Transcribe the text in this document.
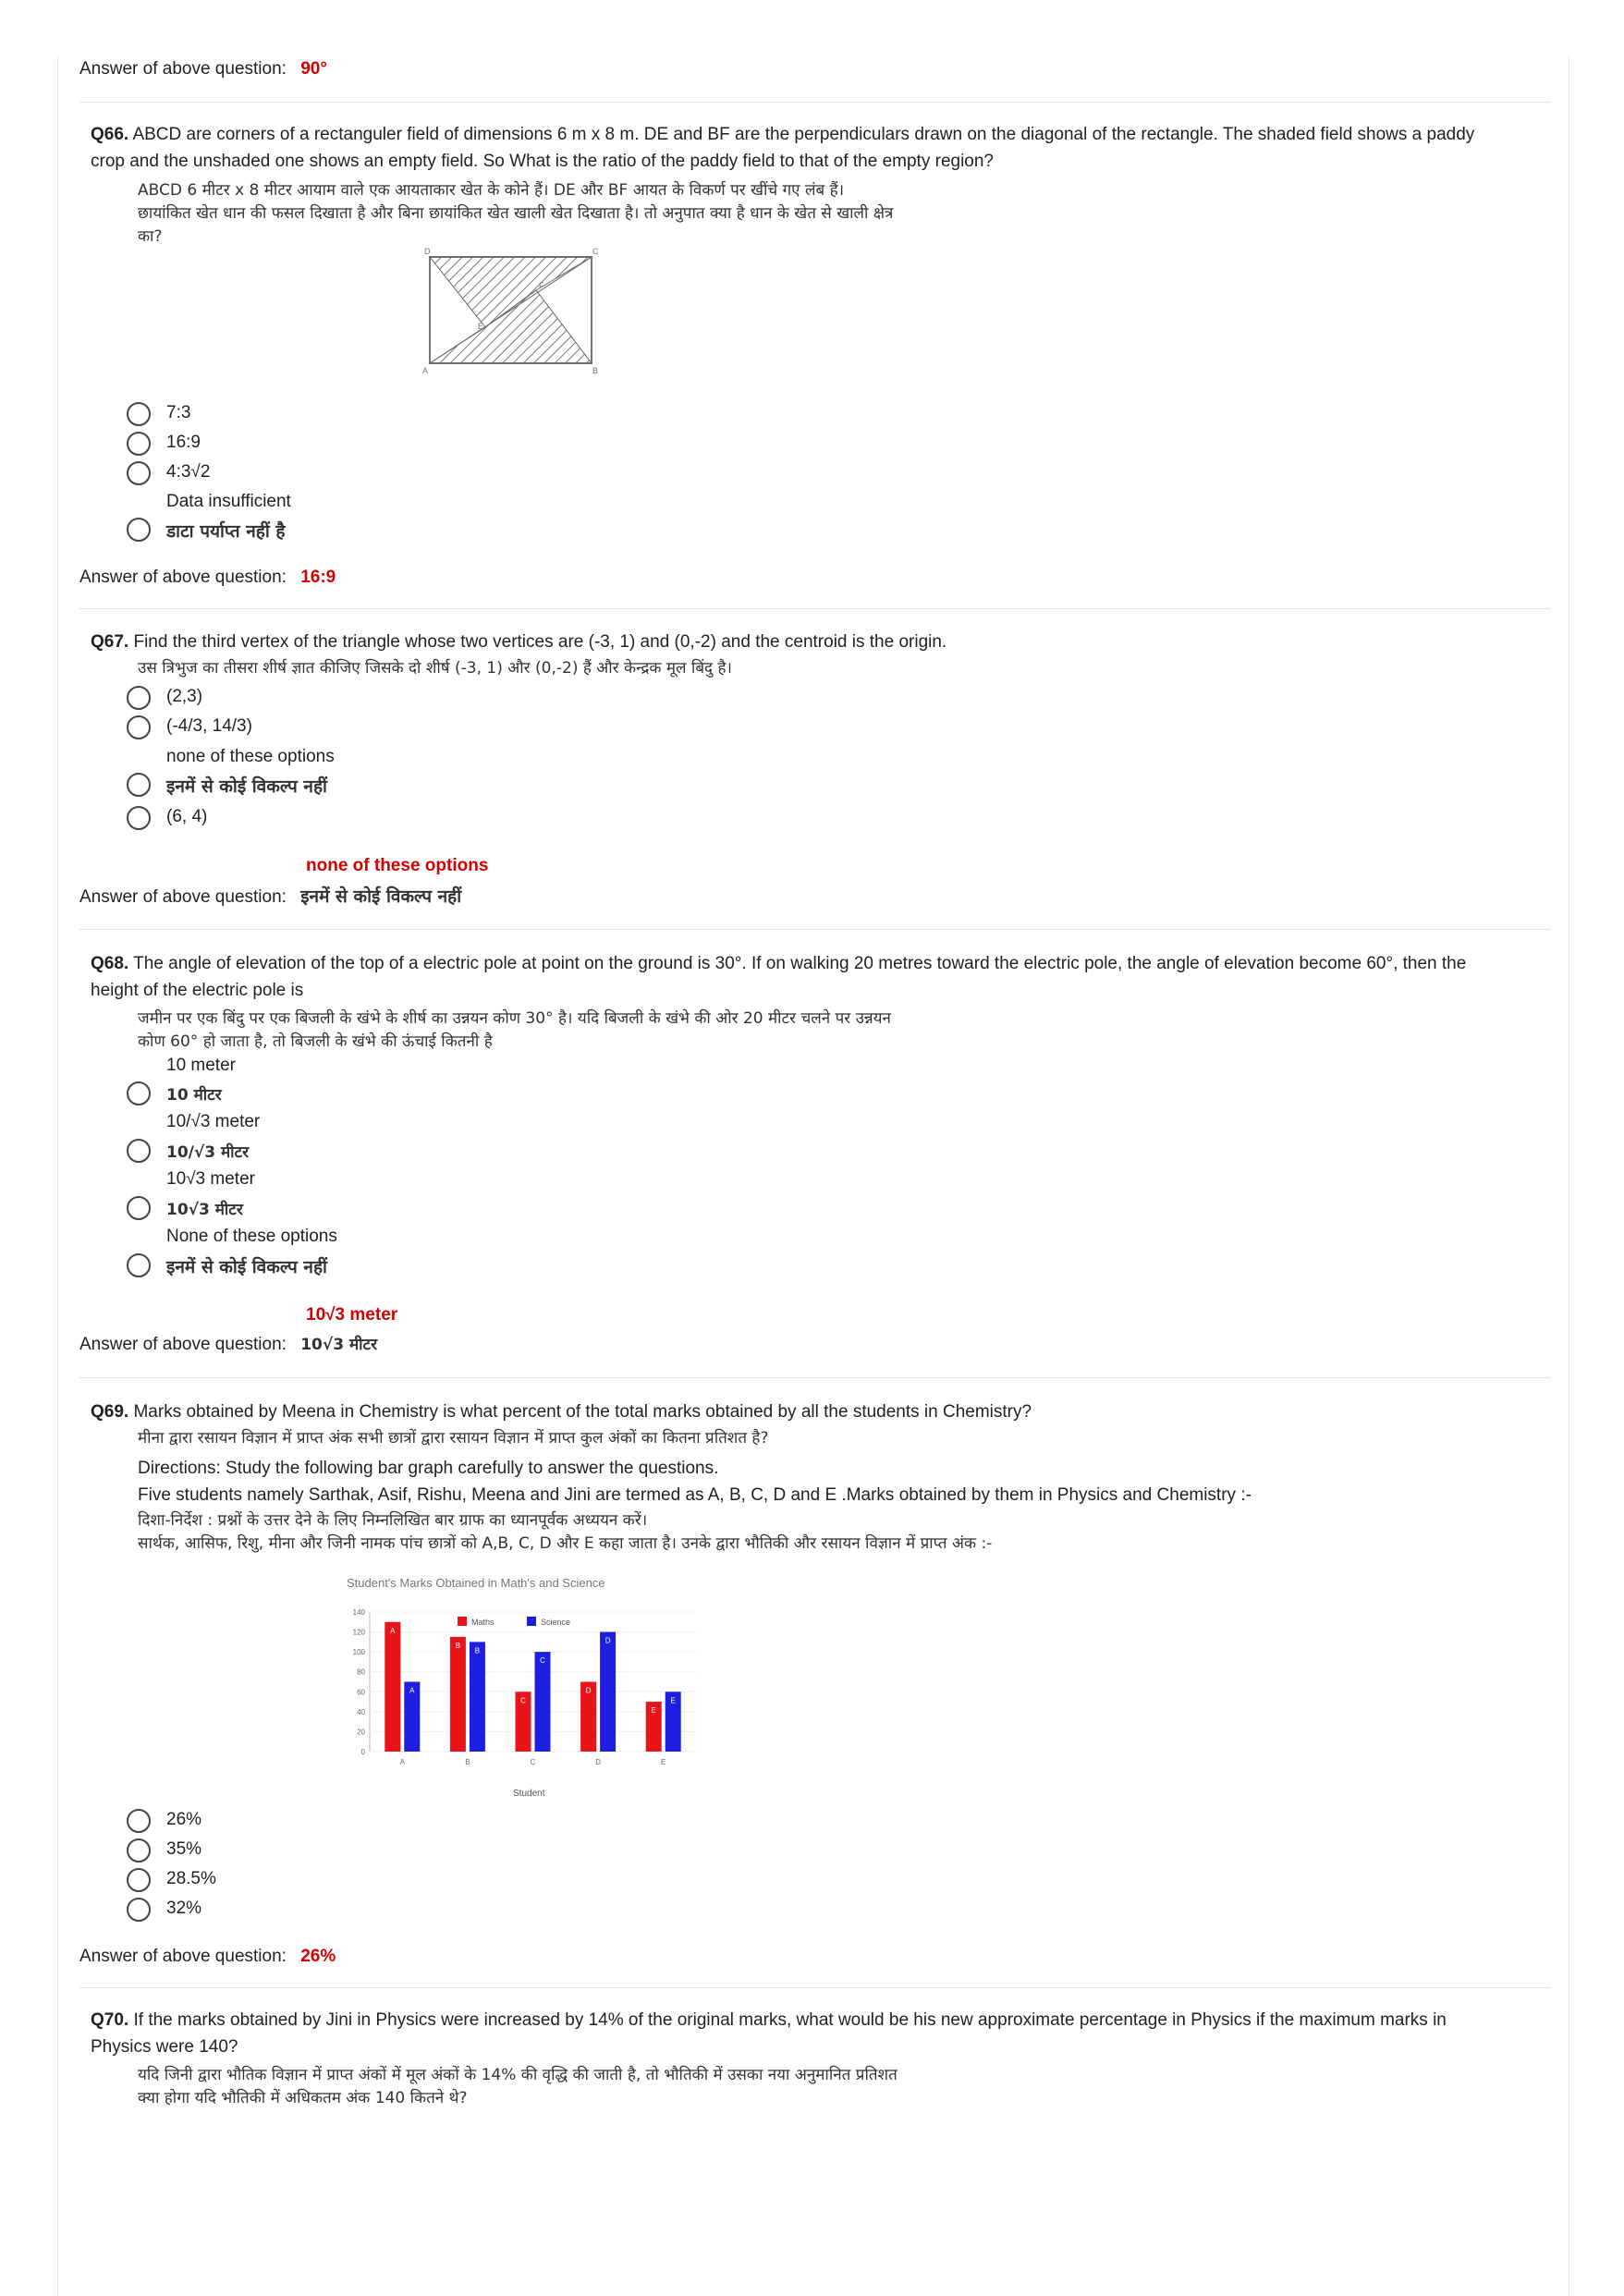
Answer of above question: 90°
Q66. ABCD are corners of a rectanguler field of dimensions 6 m x 8 m. DE and BF are the perpendiculars drawn on the diagonal of the rectangle. The shaded field shows a paddy crop and the unshaded one shows an empty field. So What is the ratio of the paddy field to that of the empty region?
ABCD 6 मीटर x 8 मीटर आयाम वाले एक आयताकार खेत के कोने हैं। DE और BF आयत के विकर्ण पर खींचे गए लंब हैं।
छायांकित खेत धान की फसल दिखाता है और बिना छायांकित खेत खाली खेत दिखाता है। तो अनुपात क्या है धान के खेत से खाली क्षेत्र
का?
D	C
A	B
E
F
7:3
16:9
4:3√2
Data insufficient
डाटा पर्याप्त नहीं है
Answer of above question: 16:9
Q67. Find the third vertex of the triangle whose two vertices are (-3, 1) and (0,-2) and the centroid is the origin.
उस त्रिभुज का तीसरा शीर्ष ज्ञात कीजिए जिसके दो शीर्ष (-3, 1) और (0,-2) हैं और केन्द्रक मूल बिंदु है।
(2,3)
(-4/3, 14/3)
none of these options
इनमें से कोई विकल्प नहीं
(6, 4)
none of these options
Answer of above question: इनमें से कोई विकल्प नहीं
Q68. The angle of elevation of the top of a electric pole at point on the ground is 30°. If on walking 20 metres toward the electric pole, the angle of elevation become 60°, then the height of the electric pole is
जमीन पर एक बिंदु पर एक बिजली के खंभे के शीर्ष का उन्नयन कोण 30° है। यदि बिजली के खंभे की ओर 20 मीटर चलने पर उन्नयन
कोण 60° हो जाता है, तो बिजली के खंभे की ऊंचाई कितनी है
10 meter
10 मीटर
10/√3 meter
10/√3 मीटर
10√3 meter
10√3 मीटर
None of these options
इनमें से कोई विकल्प नहीं
10√3 meter
Answer of above question: 10√3 मीटर
Q69. Marks obtained by Meena in Chemistry is what percent of the total marks obtained by all the students in Chemistry?
मीना द्वारा रसायन विज्ञान में प्राप्त अंक सभी छात्रों द्वारा रसायन विज्ञान में प्राप्त कुल अंकों का कितना प्रतिशत है?
Directions: Study the following bar graph carefully to answer the questions.
Five students namely Sarthak, Asif, Rishu, Meena and Jini are termed as A, B, C, D and E .Marks obtained by them in Physics and Chemistry :-
दिशा-निर्देश : प्रश्नों के उत्तर देने के लिए निम्नलिखित बार ग्राफ का ध्यानपूर्वक अध्ययन करें।
सार्थक, आसिफ, रिशु, मीना और जिनी नामक पांच छात्रों को A,B, C, D और E कहा जाता है। उनके द्वारा भौतिकी और रसायन विज्ञान में प्राप्त अंक :-
Student's Marks Obtained in Math's and Science
0
20
40
60
80
100
120
140
A
A
A
B
B
B
C
C
C
D
D
D
E
E
E
Maths	Science
Student
26%
35%
28.5%
32%
Answer of above question: 26%
Q70. If the marks obtained by Jini in Physics were increased by 14% of the original marks, what would be his new approximate percentage in Physics if the maximum marks in Physics were 140?
यदि जिनी द्वारा भौतिक विज्ञान में प्राप्त अंकों में मूल अंकों के 14% की वृद्धि की जाती है, तो भौतिकी में उसका नया अनुमानित प्रतिशत
क्या होगा यदि भौतिकी में अधिकतम अंक 140 कितने थे?
